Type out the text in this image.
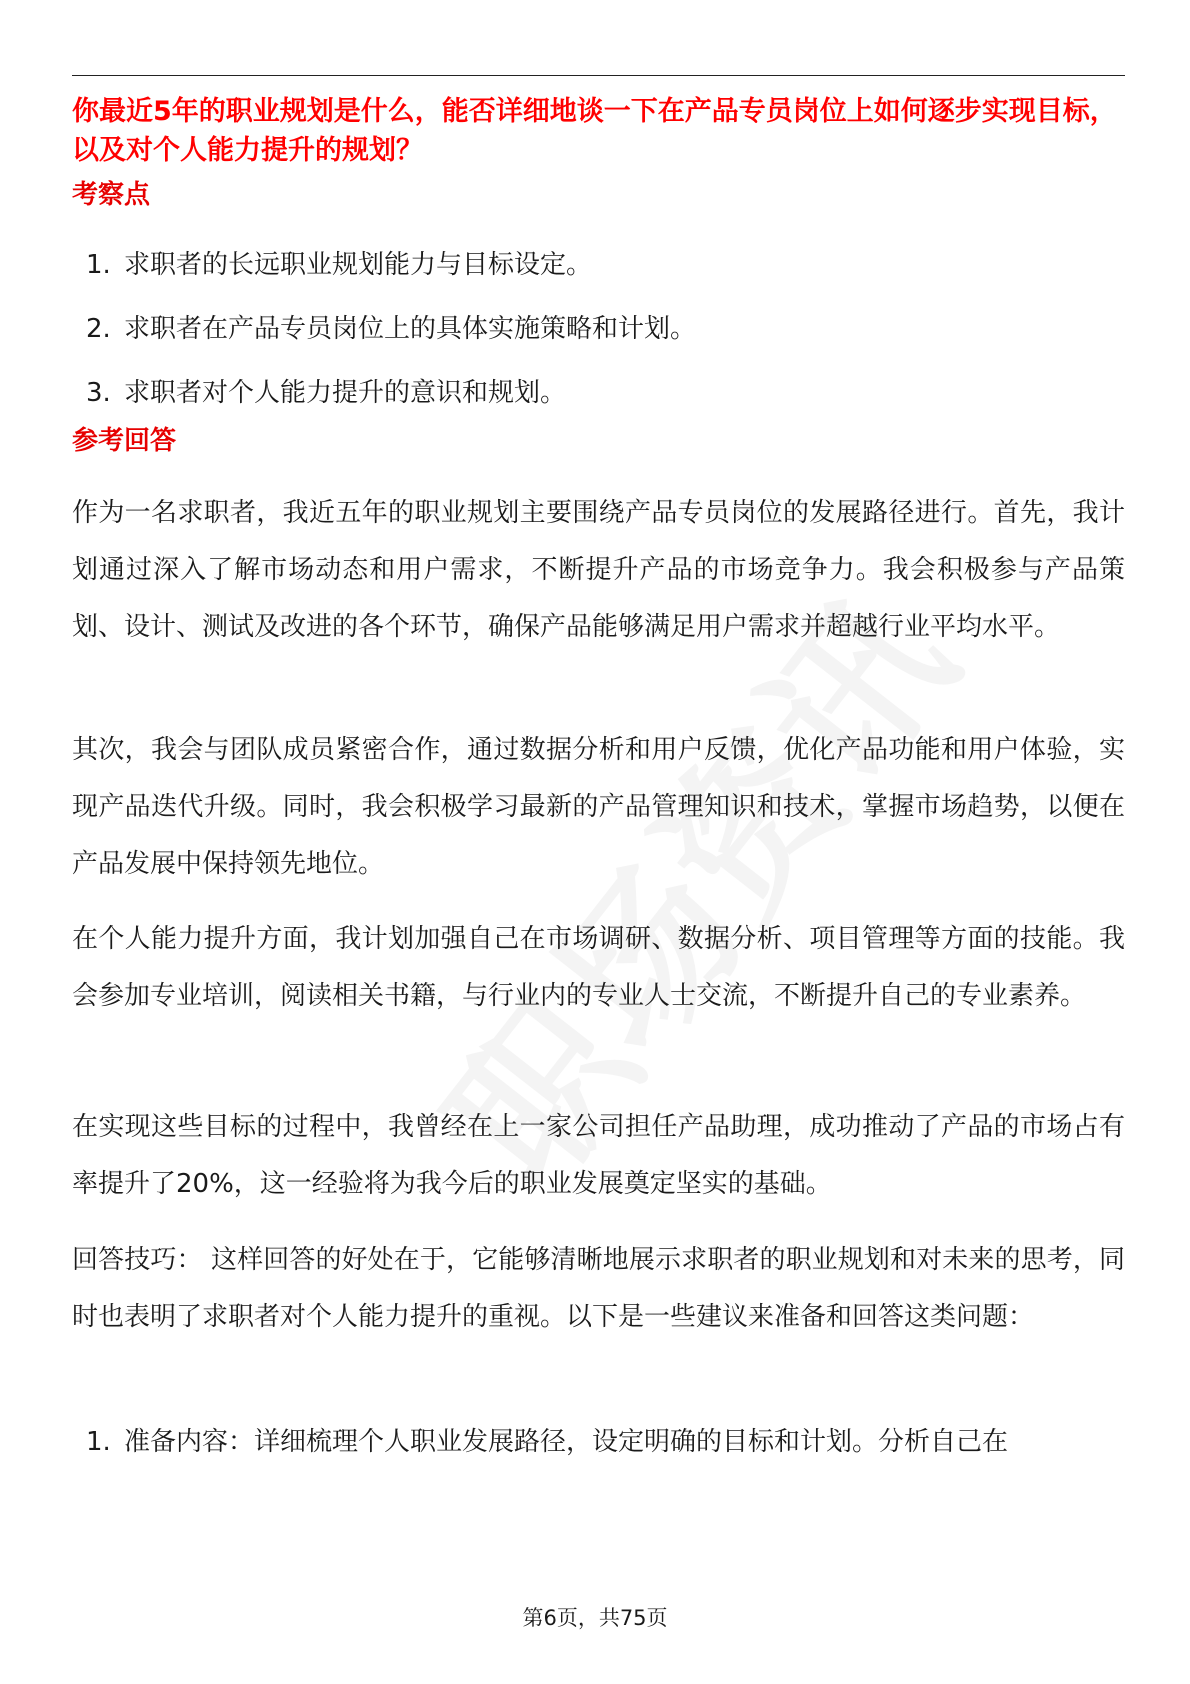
你最近5年的职业规划是什么，能否详细地谈一下在产品专员岗位上如何逐步实现目标，以及对个人能力提升的规划？
考察点
1. 求职者的长远职业规划能力与目标设定。
2. 求职者在产品专员岗位上的具体实施策略和计划。
3. 求职者对个人能力提升的意识和规划。
参考回答

作为一名求职者，我近五年的职业规划主要围绕产品专员岗位的发展路径进行。首先，我计划通过深入了解市场动态和用户需求，不断提升产品的市场竞争力。我会积极参与产品策划、设计、测试及改进的各个环节，确保产品能够满足用户需求并超越行业平均水平。

其次，我会与团队成员紧密合作，通过数据分析和用户反馈，优化产品功能和用户体验，实现产品迭代升级。同时，我会积极学习最新的产品管理知识和技术，掌握市场趋势，以便在产品发展中保持领先地位。

在个人能力提升方面，我计划加强自己在市场调研、数据分析、项目管理等方面的技能。我会参加专业培训，阅读相关书籍，与行业内的专业人士交流，不断提升自己的专业素养。

在实现这些目标的过程中，我曾经在上一家公司担任产品助理，成功推动了产品的市场占有率提升了20%，这一经验将为我今后的职业发展奠定坚实的基础。

回答技巧： 这样回答的好处在于，它能够清晰地展示求职者的职业规划和对未来的思考，同时也表明了求职者对个人能力提升的重视。以下是一些建议来准备和回答这类问题：

1. 准备内容：详细梳理个人职业发展路径，设定明确的目标和计划。分析自己在
第6页，共75页
